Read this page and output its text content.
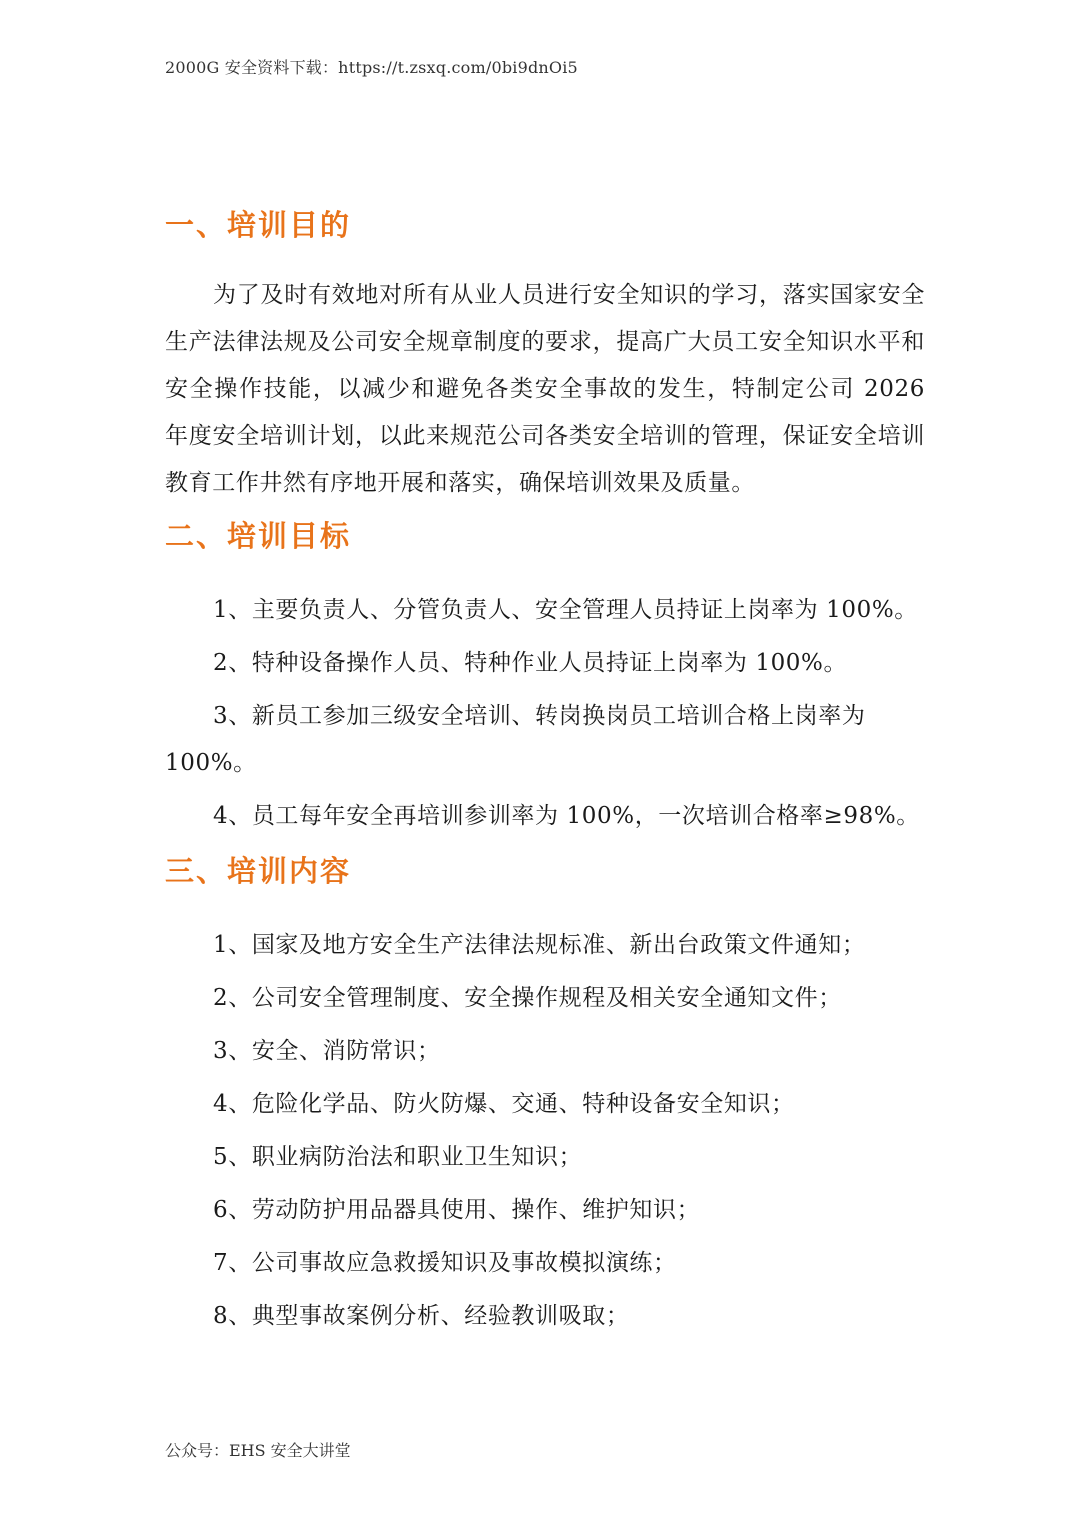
2000G 安全资料下载：https://t.zsxq.com/0bi9dnOi5
一、培训目的

为了及时有效地对所有从业人员进行安全知识的学习，落实国家安全生产法律法规及公司安全规章制度的要求，提高广大员工安全知识水平和安全操作技能，以减少和避免各类安全事故的发生，特制定公司 2026 年度安全培训计划，以此来规范公司各类安全培训的管理，保证安全培训教育工作井然有序地开展和落实，确保培训效果及质量。

二、培训目标

1、主要负责人、分管负责人、安全管理人员持证上岗率为 100%。

2、特种设备操作人员、特种作业人员持证上岗率为 100%。

3、新员工参加三级安全培训、转岗换岗员工培训合格上岗率为 100%。

4、员工每年安全再培训参训率为 100%，一次培训合格率≥98%。

三、培训内容

1、国家及地方安全生产法律法规标准、新出台政策文件通知；

2、公司安全管理制度、安全操作规程及相关安全通知文件；

3、安全、消防常识；

4、危险化学品、防火防爆、交通、特种设备安全知识；

5、职业病防治法和职业卫生知识；

6、劳动防护用品器具使用、操作、维护知识；

7、公司事故应急救援知识及事故模拟演练；

8、典型事故案例分析、经验教训吸取；

公众号：EHS 安全大讲堂
